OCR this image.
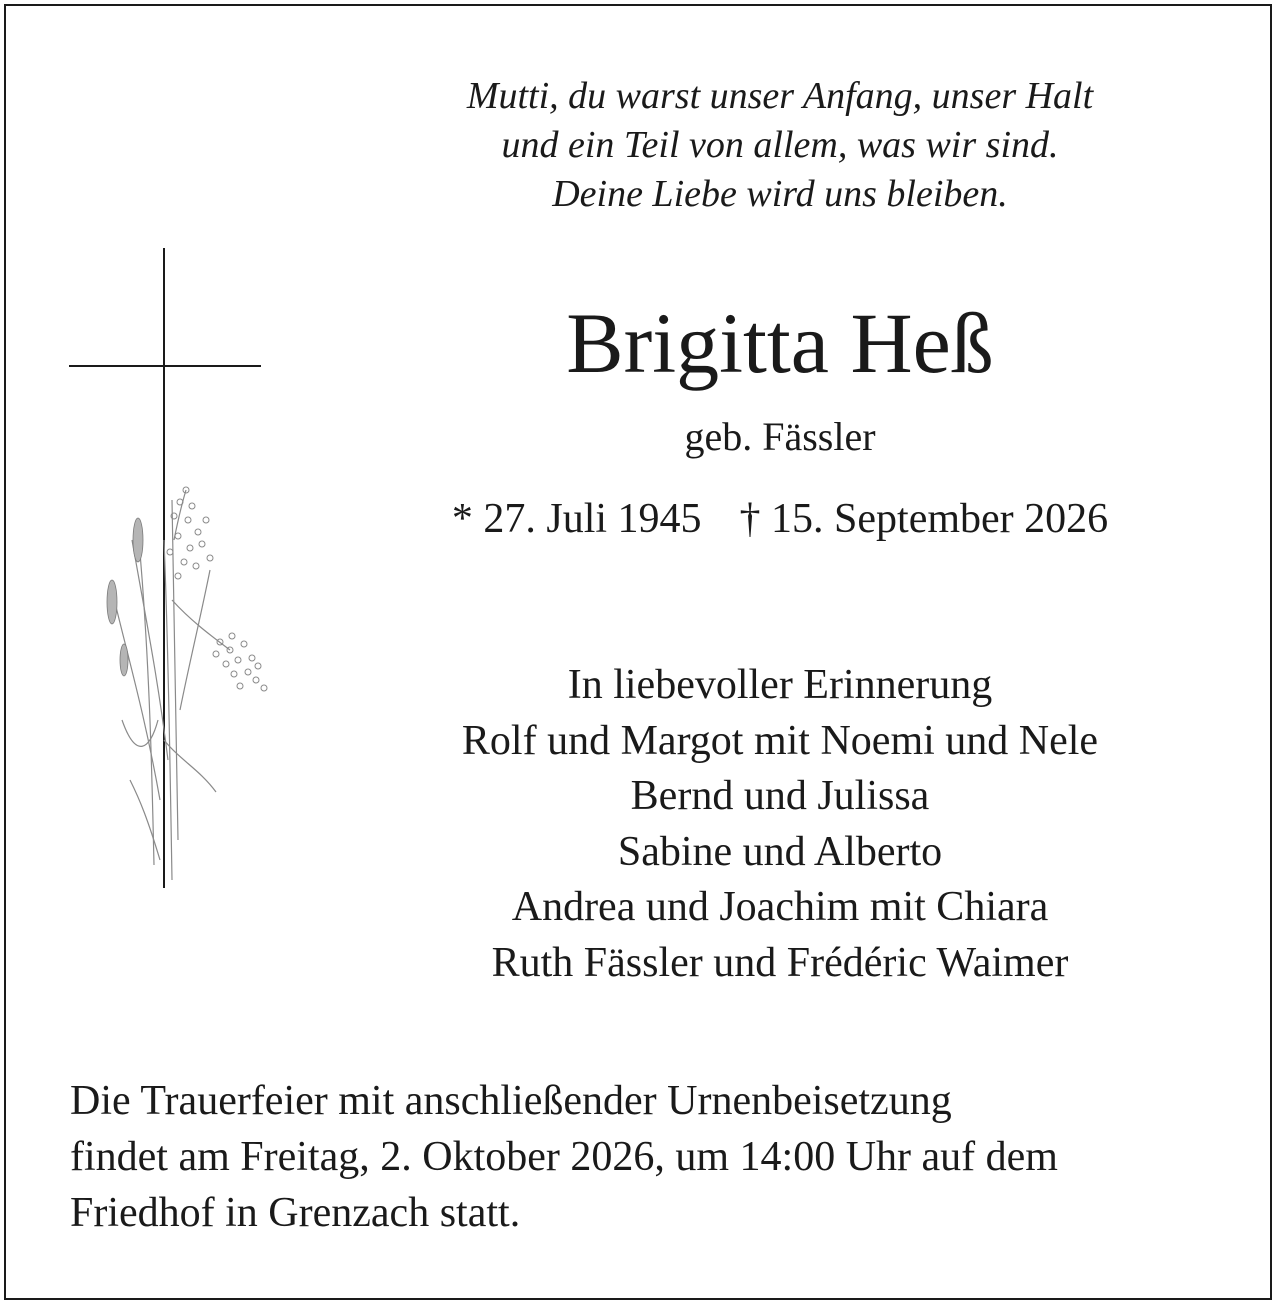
Mutti, du warst unser Anfang, unser Halt
und ein Teil von allem, was wir sind.
Deine Liebe wird uns bleiben.
Brigitta Heß
geb. Fässler
* 27. Juli 1945 † 15. September 2026
In liebevoller Erinnerung
Rolf und Margot mit Noemi und Nele
Bernd und Julissa
Sabine und Alberto
Andrea und Joachim mit Chiara
Ruth Fässler und Frédéric Waimer
Die Trauerfeier mit anschließender Urnenbeisetzung
findet am Freitag, 2. Oktober 2026, um 14:00 Uhr auf dem
Friedhof in Grenzach statt.
